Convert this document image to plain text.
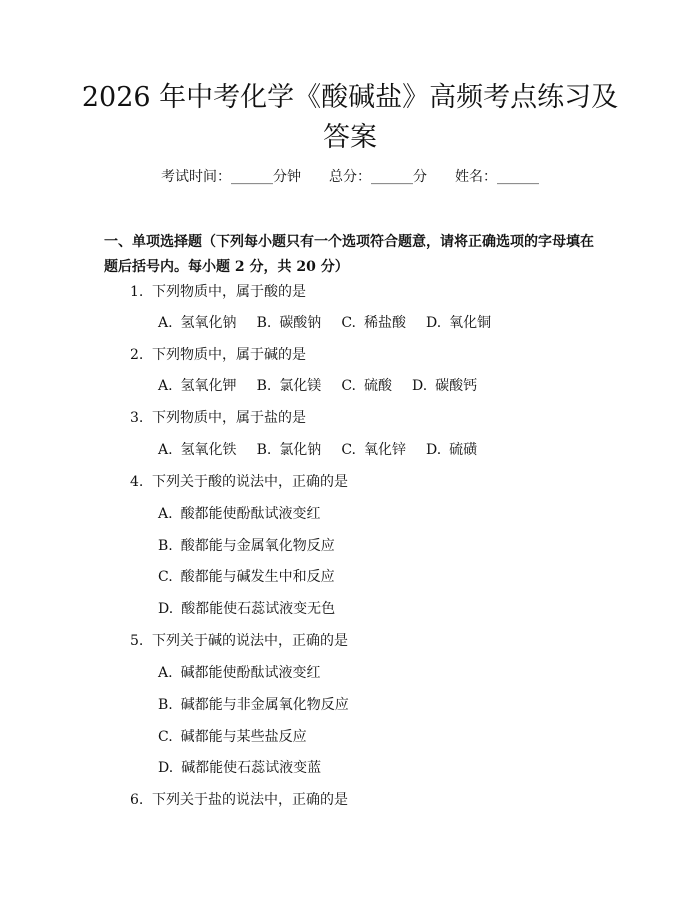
2026 年中考化学《酸碱盐》高频考点练习及
答案
考试时间：______分钟 总分：______分 姓名：______

一、单项选择题（下列每小题只有一个选项符合题意，请将正确选项的字母填在题后括号内。每小题 2 分，共 20 分）

1. 下列物质中，属于酸的是
A. 氢氧化钠 B. 碳酸钠 C. 稀盐酸 D. 氧化铜
2. 下列物质中，属于碱的是
A. 氢氧化钾 B. 氯化镁 C. 硫酸 D. 碳酸钙
3. 下列物质中，属于盐的是
A. 氢氧化铁 B. 氯化钠 C. 氧化锌 D. 硫磺
4. 下列关于酸的说法中，正确的是
A. 酸都能使酚酞试液变红
B. 酸都能与金属氧化物反应
C. 酸都能与碱发生中和反应
D. 酸都能使石蕊试液变无色
5. 下列关于碱的说法中，正确的是
A. 碱都能使酚酞试液变红
B. 碱都能与非金属氧化物反应
C. 碱都能与某些盐反应
D. 碱都能使石蕊试液变蓝
6. 下列关于盐的说法中，正确的是
